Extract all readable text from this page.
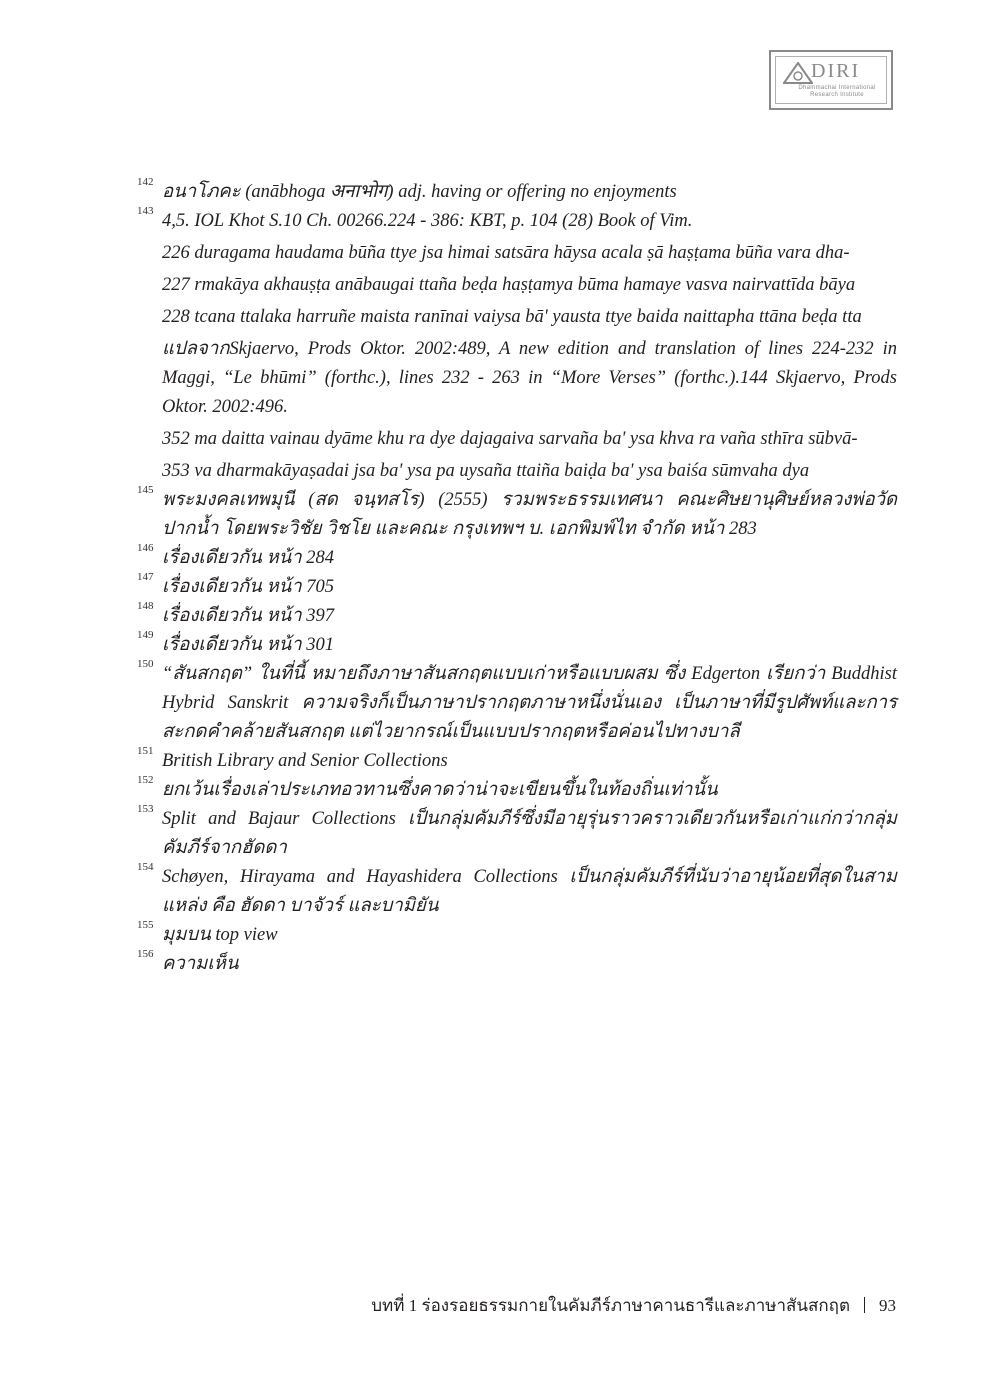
DIRI
Dhammachai International
Research Institute
142 อนาโภคะ (anābhoga अनाभोग) adj. having or offering no enjoyments
143 4,5. IOL Khot S.10 Ch. 00266.224 - 386: KBT, p. 104 (28) Book of Vim.
226 duragama haudama būña ttye jsa himai satsāra hāysa acala ṣā haṣṭama būña vara dha-
227 rmakāya akhauṣṭa anābaugai ttaña beḍa haṣṭamya būma hamaye vasva nairvattīda bāya
228 tcana ttalaka harruñe maista ranīnai vaiysa bā' yausta ttye baida naittapha ttāna beḍa tta
แปลจากSkjaervo, Prods Oktor. 2002:489, A new edition and translation of lines 224-232 in Maggi, “Le bhūmi” (forthc.), lines 232 - 263 in “More Verses” (forthc.).144 Skjaervo, Prods Oktor. 2002:496.
352 ma daitta vainau dyāme khu ra dye dajagaiva sarvaña ba' ysa khva ra vaña sthīra sūbvā-
353 va dharmakāyaṣadai jsa ba' ysa pa uysaña ttaiña baiḍa ba' ysa baiśa sūmvaha dya
145 พระมงคลเทพมุนี (สด จนฺทสโร) (2555) รวมพระธรรมเทศนา คณะศิษยานุศิษย์หลวงพ่อวัดปากน้ำ โดยพระวิชัย วิชโย และคณะ กรุงเทพฯ บ. เอกพิมพ์ไท จำกัด หน้า 283
146 เรื่องเดียวกัน หน้า 284
147 เรื่องเดียวกัน หน้า 705
148 เรื่องเดียวกัน หน้า 397
149 เรื่องเดียวกัน หน้า 301
150 “สันสกฤต” ในที่นี้ หมายถึงภาษาสันสกฤตแบบเก่าหรือแบบผสม ซึ่ง Edgerton เรียกว่า Buddhist Hybrid Sanskrit ความจริงก็เป็นภาษาปรากฤตภาษาหนึ่งนั่นเอง เป็นภาษาที่มีรูปศัพท์และการสะกดคำคล้ายสันสกฤต แต่ไวยากรณ์เป็นแบบปรากฤตหรือค่อนไปทางบาลี
151 British Library and Senior Collections
152 ยกเว้นเรื่องเล่าประเภทอวทานซึ่งคาดว่าน่าจะเขียนขึ้นในท้องถิ่นเท่านั้น
153 Split and Bajaur Collections เป็นกลุ่มคัมภีร์ซึ่งมีอายุรุ่นราวคราวเดียวกันหรือเก่าแก่กว่ากลุ่มคัมภีร์จากฮัดดา
154 Schøyen, Hirayama and Hayashidera Collections เป็นกลุ่มคัมภีร์ที่นับว่าอายุน้อยที่สุดในสามแหล่ง คือ ฮัดดา บาจัวร์ และบามิยัน
155 มุมบน top view
156 ความเห็น
บทที่ 1 ร่องรอยธรรมกายในคัมภีร์ภาษาคานธารีและภาษาสันสกฤต 93
